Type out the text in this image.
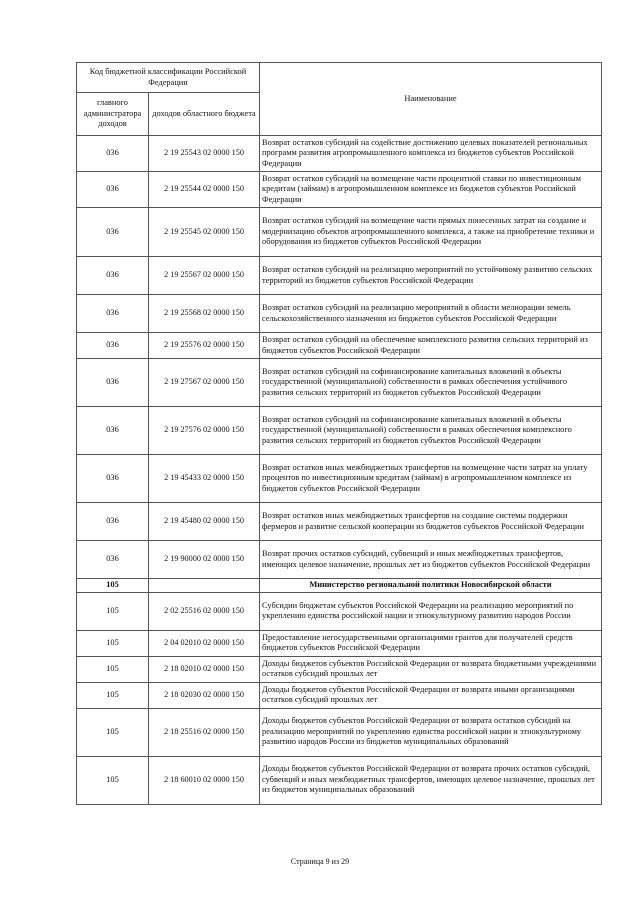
Код бюджетной классификации Российской Федерации		Наименование
главного администратора доходов	доходов областного бюджета	
036	2 19 25543 02 0000 150	Возврат остатков субсидий на содействие достижению целевых показателей региональных программ развития агропромышленного комплекса из бюджетов субъектов Российской Федерации
036	2 19 25544 02 0000 150	Возврат остатков субсидий на возмещение части процентной ставки по инвестиционным кредитам (займам) в агропромышленном комплексе из бюджетов субъектов Российской Федерации
036	2 19 25545 02 0000 150	Возврат остатков субсидий на возмещение части прямых понесенных затрат на создание и модернизацию объектов агропромышленного комплекса, а также на приобретение техники и оборудования из бюджетов субъектов Российской Федерации
036	2 19 25567 02 0000 150	Возврат остатков субсидий на реализацию мероприятий по устойчивому развитию сельских территорий из бюджетов субъектов Российской Федерации
036	2 19 25568 02 0000 150	Возврат остатков субсидий на реализацию мероприятий в области мелиорации земель сельскохозяйственного назначения из бюджетов субъектов Российской Федерации
036	2 19 25576 02 0000 150	Возврат остатков субсидий на обеспечение комплексного развития сельских территорий из бюджетов субъектов Российской Федерации
036	2 19 27567 02 0000 150	Возврат остатков субсидий на софинансирование капитальных вложений в объекты государственной (муниципальной) собственности в рамках обеспечения устойчивого развития сельских территорий из бюджетов субъектов Российской Федерации
036	2 19 27576 02 0000 150	Возврат остатков субсидий на софинансирование капитальных вложений в объекты государственной (муниципальной) собственности в рамках обеспечения комплексного развития сельских территорий из бюджетов субъектов Российской Федерации
036	2 19 45433 02 0000 150	Возврат остатков иных межбюджетных трансфертов на возмещение части затрат на уплату процентов по инвестиционным кредитам (займам) в агропромышленном комплексе из бюджетов субъектов Российской Федерации
036	2 19 45480 02 0000 150	Возврат остатков иных межбюджетных трансфертов на создание системы поддержки фермеров и развитие сельской кооперации из бюджетов субъектов Российской Федерации
036	2 19 90000 02 0000 150	Возврат прочих остатков субсидий, субвенций и иных межбюджетных трансфертов, имеющих целевое назначение, прошлых лет из бюджетов субъектов Российской Федерации
105		Министерство региональной политики Новосибирской области
105	2 02 25516 02 0000 150	Субсидии бюджетам субъектов Российской Федерации на реализацию мероприятий по укреплению единства российской нации и этнокультурному развитию народов России
105	2 04 02010 02 0000 150	Предоставление негосударственными организациями грантов для получателей средств бюджетов субъектов Российской Федерации
105	2 18 02010 02 0000 150	Доходы бюджетов субъектов Российской Федерации от возврата бюджетными учреждениями остатков субсидий прошлых лет
105	2 18 02030 02 0000 150	Доходы бюджетов субъектов Российской Федерации от возврата иными организациями остатков субсидий прошлых лет
105	2 18 25516 02 0000 150	Доходы бюджетов субъектов Российской Федерации от возврата остатков субсидий на реализацию мероприятий по укреплению единства российской нации и этнокультурному развитию народов России из бюджетов муниципальных образований
105	2 18 60010 02 0000 150	Доходы бюджетов субъектов Российской Федерации от возврата прочих остатков субсидий, субвенций и иных межбюджетных трансфертов, имеющих целевое назначение, прошлых лет из бюджетов муниципальных образований
Страница 9 из 29
